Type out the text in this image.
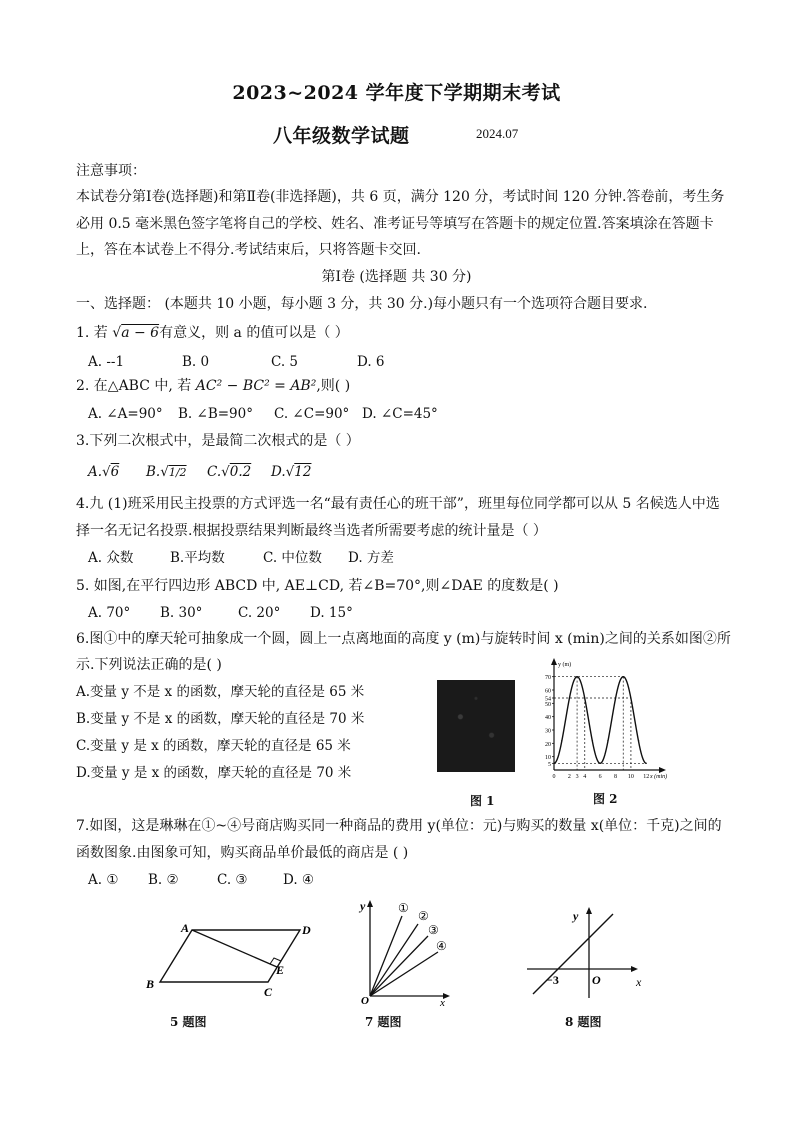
2023~2024 学年度下学期期末考试
八年级数学试题	2024.07
注意事项：
本试卷分第Ⅰ卷(选择题)和第Ⅱ卷(非选择题)，共 6 页，满分 120 分，考试时间 120 分钟.答卷前，考生务
必用 0.5 毫米黑色签字笔将自己的学校、姓名、准考证号等填写在答题卡的规定位置.答案填涂在答题卡
上，答在本试卷上不得分.考试结束后，只将答题卡交回.
第Ⅰ卷 (选择题 共 30 分)
一、选择题： (本题共 10 小题，每小题 3 分，共 30 分.)每小题只有一个选项符合题目要求.
1. 若 √a − 6有意义，则 a 的值可以是（ ）
A. --1	B. 0	C. 5	D. 6
2. 在△ABC 中, 若 AC² − BC² = AB²,则( )
A. ∠A=90° B. ∠B=90° C. ∠C=90° D. ∠C=45°
3.下列二次根式中，是最简二次根式的是（ ）
A.√6 B.√1/2 C.√0.2 D.√12
4.九 (1)班采用民主投票的方式评选一名“最有责任心的班干部”，班里每位同学都可以从 5 名候选人中选
择一名无记名投票.根据投票结果判断最终当选者所需要考虑的统计量是（ ）
A. 众数	B.平均数	C. 中位数 D. 方差
5. 如图,在平行四边形 ABCD 中, AE⊥CD, 若∠B=70°,则∠DAE 的度数是( )
A. 70° B. 30°	C. 20° D. 15°
6.图①中的摩天轮可抽象成一个圆，圆上一点离地面的高度 y (m)与旋转时间 x (min)之间的关系如图②所
示.下列说法正确的是( )
A.变量 y 不是 x 的函数，摩天轮的直径是 65 米
B.变量 y 不是 x 的函数，摩天轮的直径是 70 米
C.变量 y 是 x 的函数，摩天轮的直径是 65 米
D.变量 y 是 x 的函数，摩天轮的直径是 70 米
图 1
70
60
54
50
40
30
20
10
5
0 2 3 4 6 8 10 12
y (m)
x (min)
图 2
7.如图，这是琳琳在①~④号商店购买同一种商品的费用 y(单位：元)与购买的数量 x(单位：千克)之间的
函数图象.由图象可知，购买商品单价最低的商店是 ( )
A. ① B. ②	C. ③	D. ④
A	D
B
C
E
5 题图
y
x
O
①
②
③
④
7 题图
y
x
O
−3
8 题图
